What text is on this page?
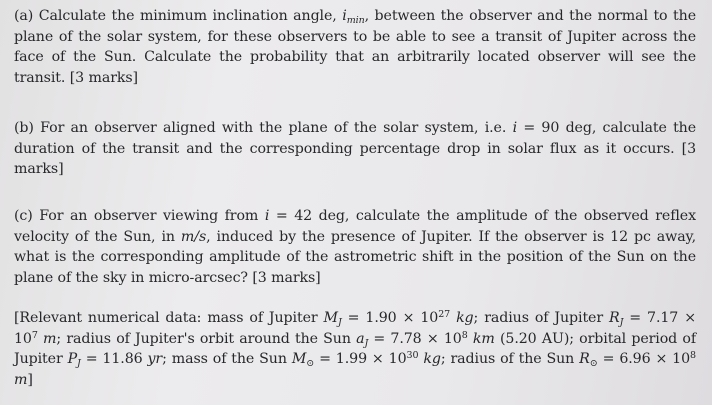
(a) Calculate the minimum inclination angle, $i_{min}$, between the observer and the normal to the plane of the solar system, for these observers to be able to see a transit of Jupiter across the face of the Sun. Calculate the probability that an arbitrarily located observer will see the transit. [3 marks]

(b) For an observer aligned with the plane of the solar system, i.e. i = 90 deg, calculate the duration of the transit and the corresponding percentage drop in solar flux as it occurs. [3 marks]

(c) For an observer viewing from i = 42 deg, calculate the amplitude of the observed reflex velocity of the Sun, in m/s, induced by the presence of Jupiter. If the observer is 12 pc away, what is the corresponding amplitude of the astrometric shift in the position of the Sun on the plane of the sky in micro-arcsec? [3 marks]

[Relevant numerical data: mass of Jupiter $M_J = 1.90 \times 10^{27}$ kg; radius of Jupiter $R_J = 7.17 \times 10^7$ m; radius of Jupiter's orbit around the Sun $a_J = 7.78 \times 10^8$ km (5.20 AU); orbital period of Jupiter $P_J = 11.86$ yr; mass of the Sun $M_⊙ = 1.99 \times 10^{30}$ kg; radius of the Sun $R_⊙ = 6.96 \times 10^8$ m]
